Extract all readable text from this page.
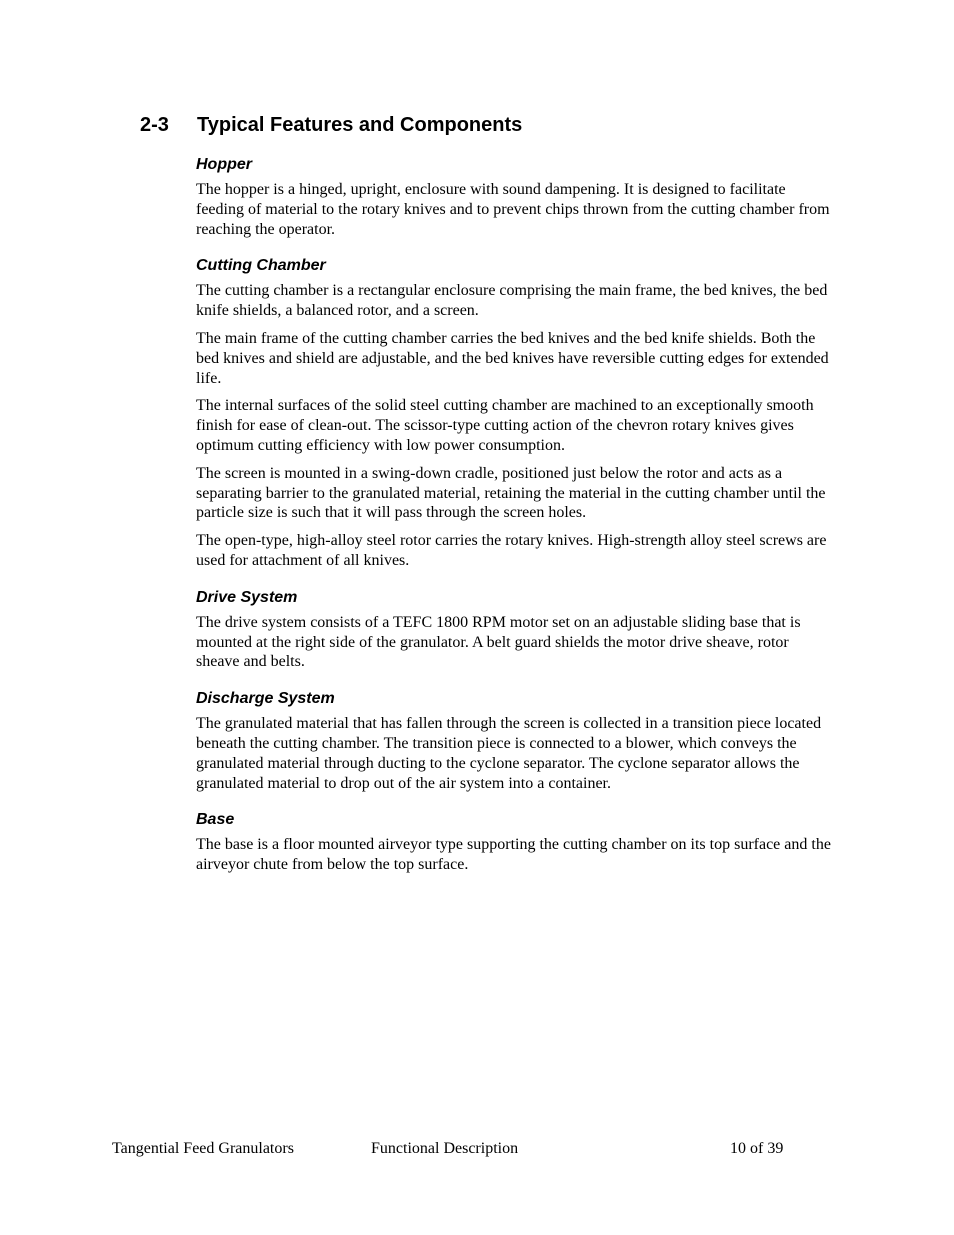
2-3 Typical Features and Components
Hopper

The hopper is a hinged, upright, enclosure with sound dampening. It is designed to facilitate feeding of material to the rotary knives and to prevent chips thrown from the cutting chamber from reaching the operator.

Cutting Chamber

The cutting chamber is a rectangular enclosure comprising the main frame, the bed knives, the bed knife shields, a balanced rotor, and a screen.

The main frame of the cutting chamber carries the bed knives and the bed knife shields. Both the bed knives and shield are adjustable, and the bed knives have reversible cutting edges for extended life.

The internal surfaces of the solid steel cutting chamber are machined to an exceptionally smooth finish for ease of clean-out. The scissor-type cutting action of the chevron rotary knives gives optimum cutting efficiency with low power consumption.

The screen is mounted in a swing-down cradle, positioned just below the rotor and acts as a separating barrier to the granulated material, retaining the material in the cutting chamber until the particle size is such that it will pass through the screen holes.

The open-type, high-alloy steel rotor carries the rotary knives. High-strength alloy steel screws are used for attachment of all knives.

Drive System

The drive system consists of a TEFC 1800 RPM motor set on an adjustable sliding base that is mounted at the right side of the granulator. A belt guard shields the motor drive sheave, rotor sheave and belts.

Discharge System

The granulated material that has fallen through the screen is collected in a transition piece located beneath the cutting chamber. The transition piece is connected to a blower, which conveys the granulated material through ducting to the cyclone separator. The cyclone separator allows the granulated material to drop out of the air system into a container.

Base

The base is a floor mounted airveyor type supporting the cutting chamber on its top surface and the airveyor chute from below the top surface.

Tangential Feed Granulators	Functional Description	10 of 39
